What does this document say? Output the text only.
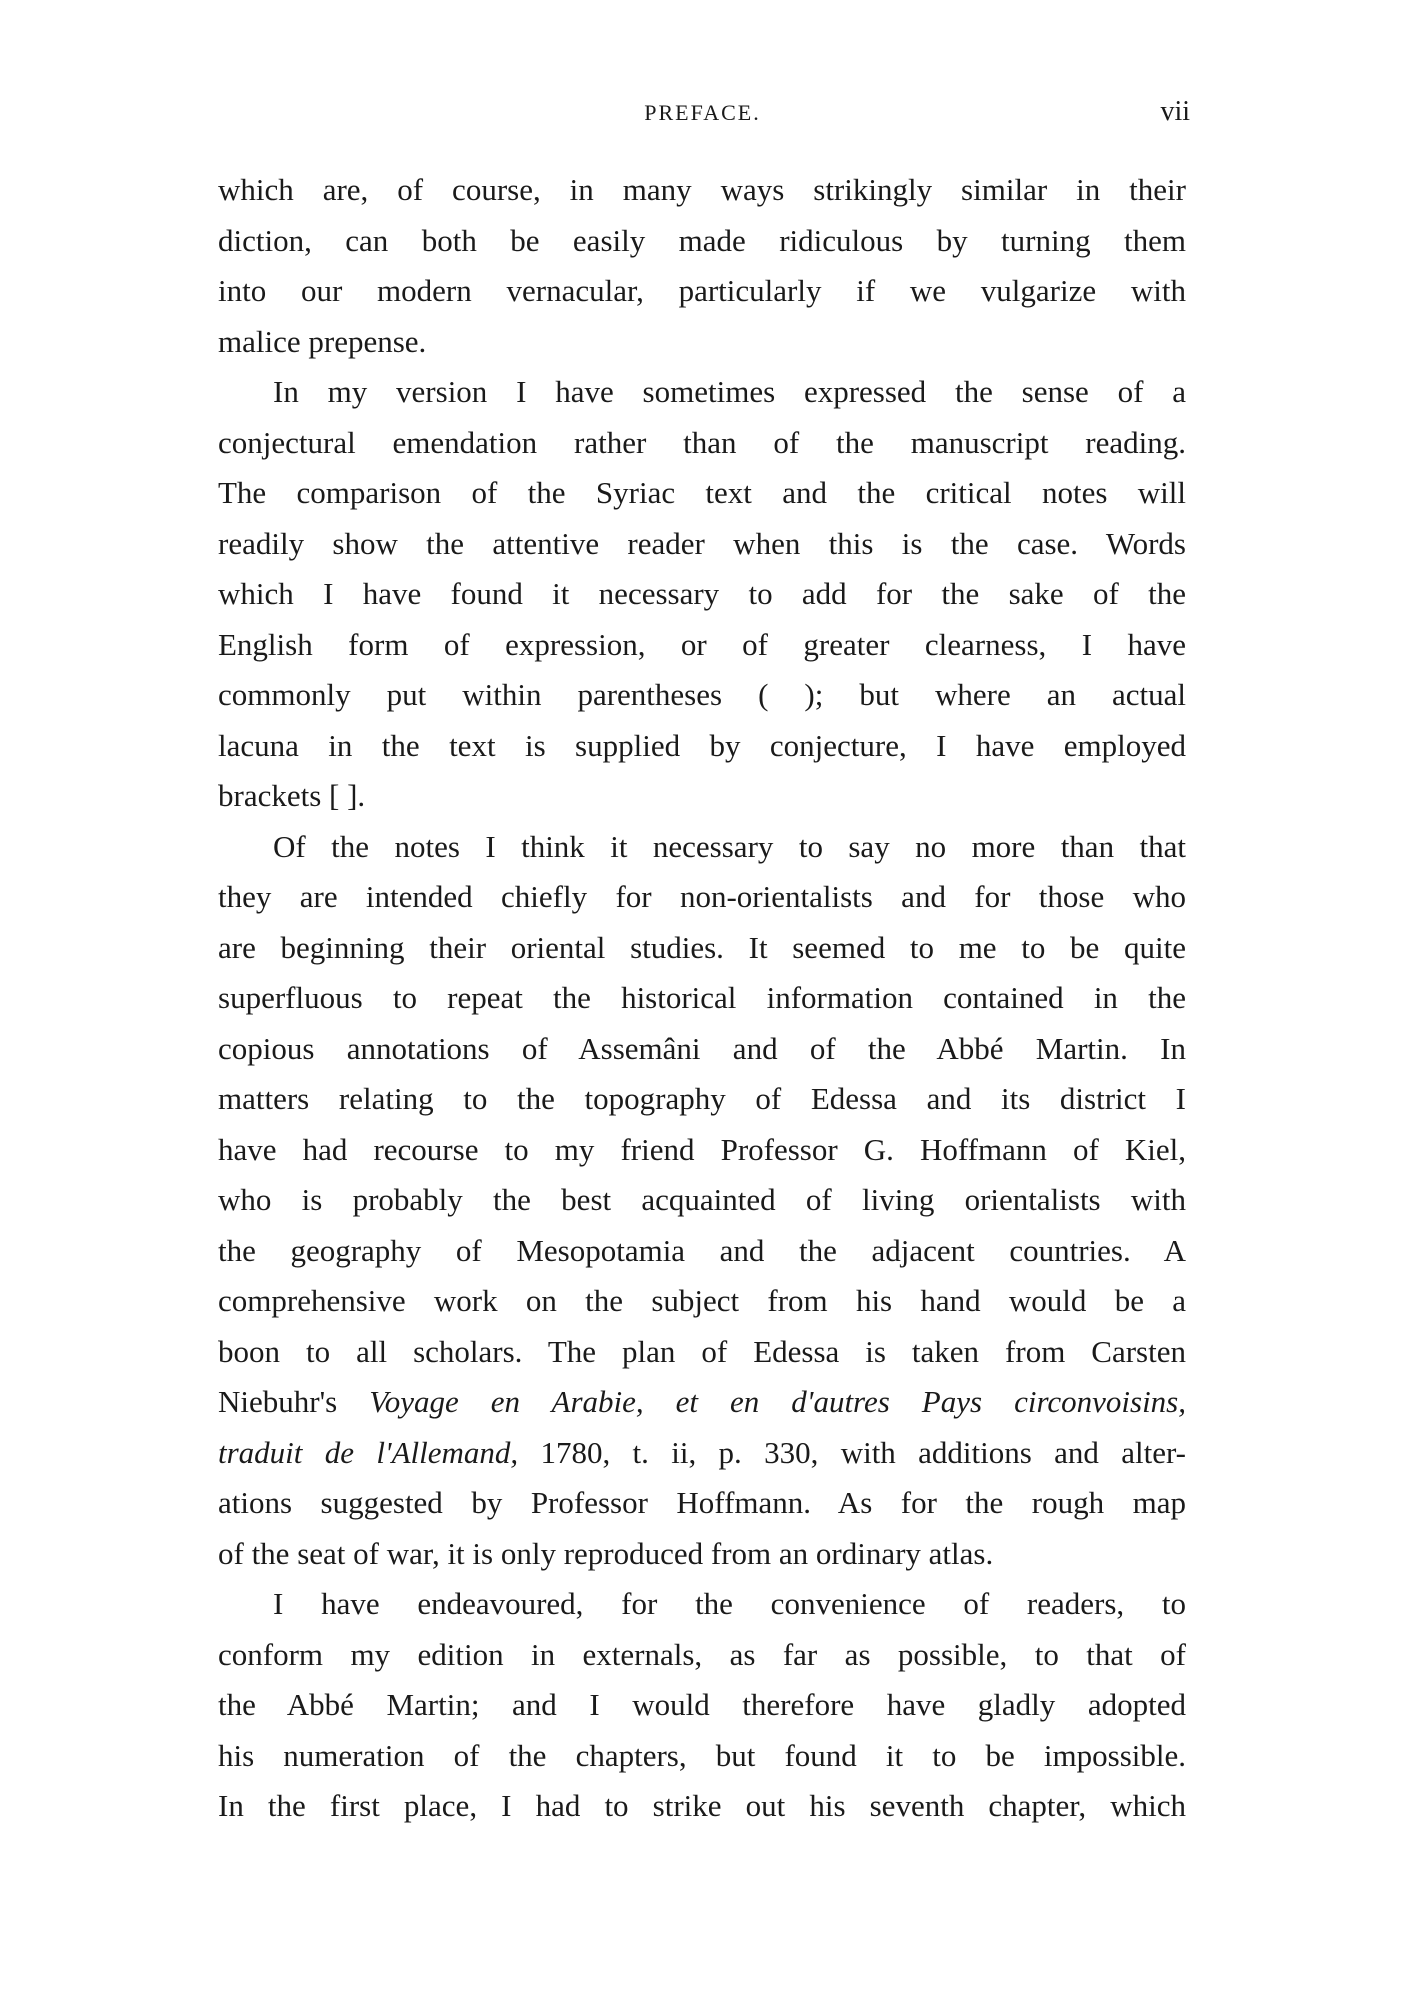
PREFACE.	vii
which are, of course, in many ways strikingly similar in their
diction, can both be easily made ridiculous by turning them
into our modern vernacular, particularly if we vulgarize with
malice prepense.
In my version I have sometimes expressed the sense of a
conjectural emendation rather than of the manuscript reading.
The comparison of the Syriac text and the critical notes will
readily show the attentive reader when this is the case. Words
which I have found it necessary to add for the sake of the
English form of expression, or of greater clearness, I have
commonly put within parentheses ( ); but where an actual
lacuna in the text is supplied by conjecture, I have employed
brackets [ ].
Of the notes I think it necessary to say no more than that
they are intended chiefly for non-orientalists and for those who
are beginning their oriental studies. It seemed to me to be quite
superfluous to repeat the historical information contained in the
copious annotations of Assemâni and of the Abbé Martin. In
matters relating to the topography of Edessa and its district I
have had recourse to my friend Professor G. Hoffmann of Kiel,
who is probably the best acquainted of living orientalists with
the geography of Mesopotamia and the adjacent countries. A
comprehensive work on the subject from his hand would be a
boon to all scholars. The plan of Edessa is taken from Carsten
Niebuhr's Voyage en Arabie, et en d'autres Pays circonvoisins,
traduit de l'Allemand, 1780, t. ii, p. 330, with additions and alter-
ations suggested by Professor Hoffmann. As for the rough map
of the seat of war, it is only reproduced from an ordinary atlas.
I have endeavoured, for the convenience of readers, to
conform my edition in externals, as far as possible, to that of
the Abbé Martin; and I would therefore have gladly adopted
his numeration of the chapters, but found it to be impossible.
In the first place, I had to strike out his seventh chapter, which
